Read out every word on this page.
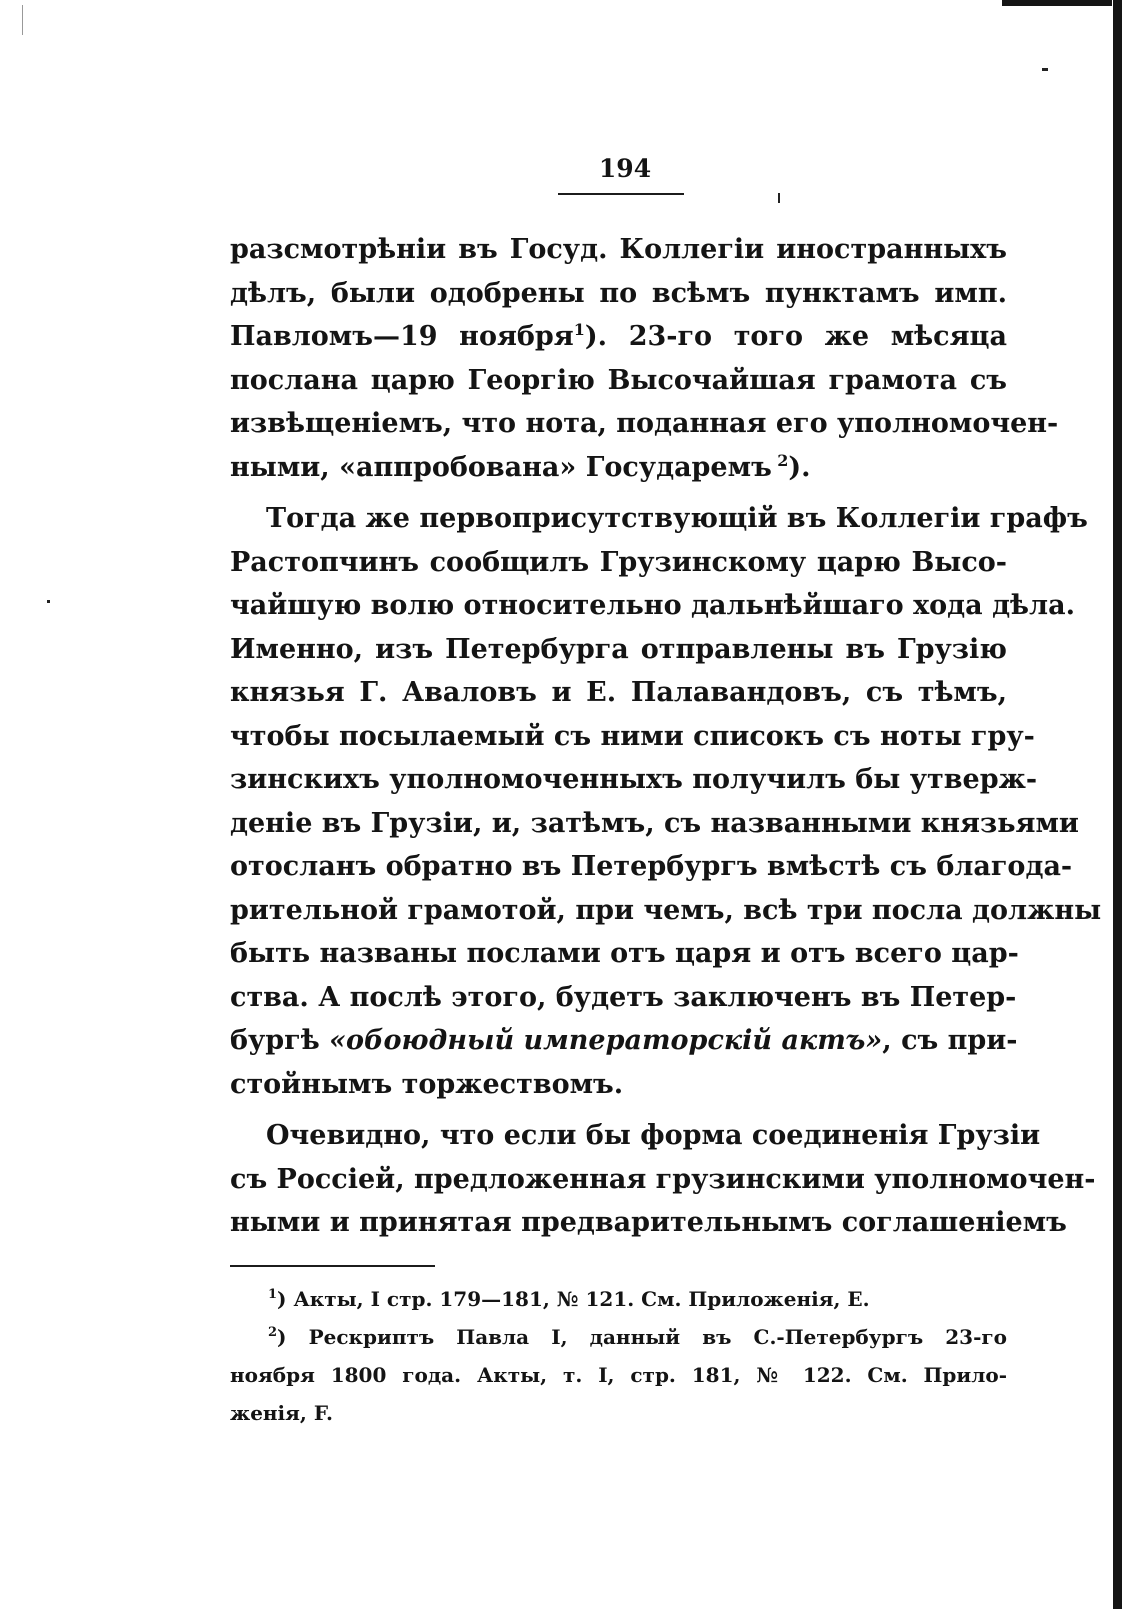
194
разсмотрѣніи въ Госуд. Коллегіи иностранныхъ
дѣлъ, были одобрены по всѣмъ пунктамъ имп.
Павломъ—19 ноября$^1$). 23-го того же мѣсяца
послана царю Георгію Высочайшая грамота съ
извѣщеніемъ, что нота, поданная его уполномочен-
ными, «аппробована» Государемъ  $^2$).
Тогда же первоприсутствующій въ Коллегіи графъ
Растопчинъ сообщилъ Грузинскому царю Высо-
чайшую волю относительно дальнѣйшаго хода дѣла.
Именно, изъ Петербурга отправлены въ Грузію
князья Г. Аваловъ и Е. Палавандовъ, съ тѣмъ,
чтобы посылаемый съ ними списокъ съ ноты гру-
зинскихъ уполномоченныхъ получилъ бы утверж-
деніе въ Грузіи, и, затѣмъ, съ названными князьями
отосланъ обратно въ Петербургъ вмѣстѣ съ благода-
рительной грамотой, при чемъ, всѣ три посла должны
быть названы послами отъ царя и отъ всего цар-
ства. А послѣ этого, будетъ заключенъ въ Петер-
бургѣ «обоюдный императорскій актъ», съ при-
стойнымъ торжествомъ.
Очевидно, что если бы форма соединенія Грузіи
съ Россіей, предложенная грузинскими уполномочен-
ными и принятая предварительнымъ соглашеніемъ
$^1$) Акты, I стр. 179—181, № 121. См. Приложенія, Е.
$^2$) Рескриптъ Павла I, данный въ С.-Петербургъ 23-го
ноября 1800 года. Акты, т. I, стр. 181, № 122. См. Прило-
женія, F.
